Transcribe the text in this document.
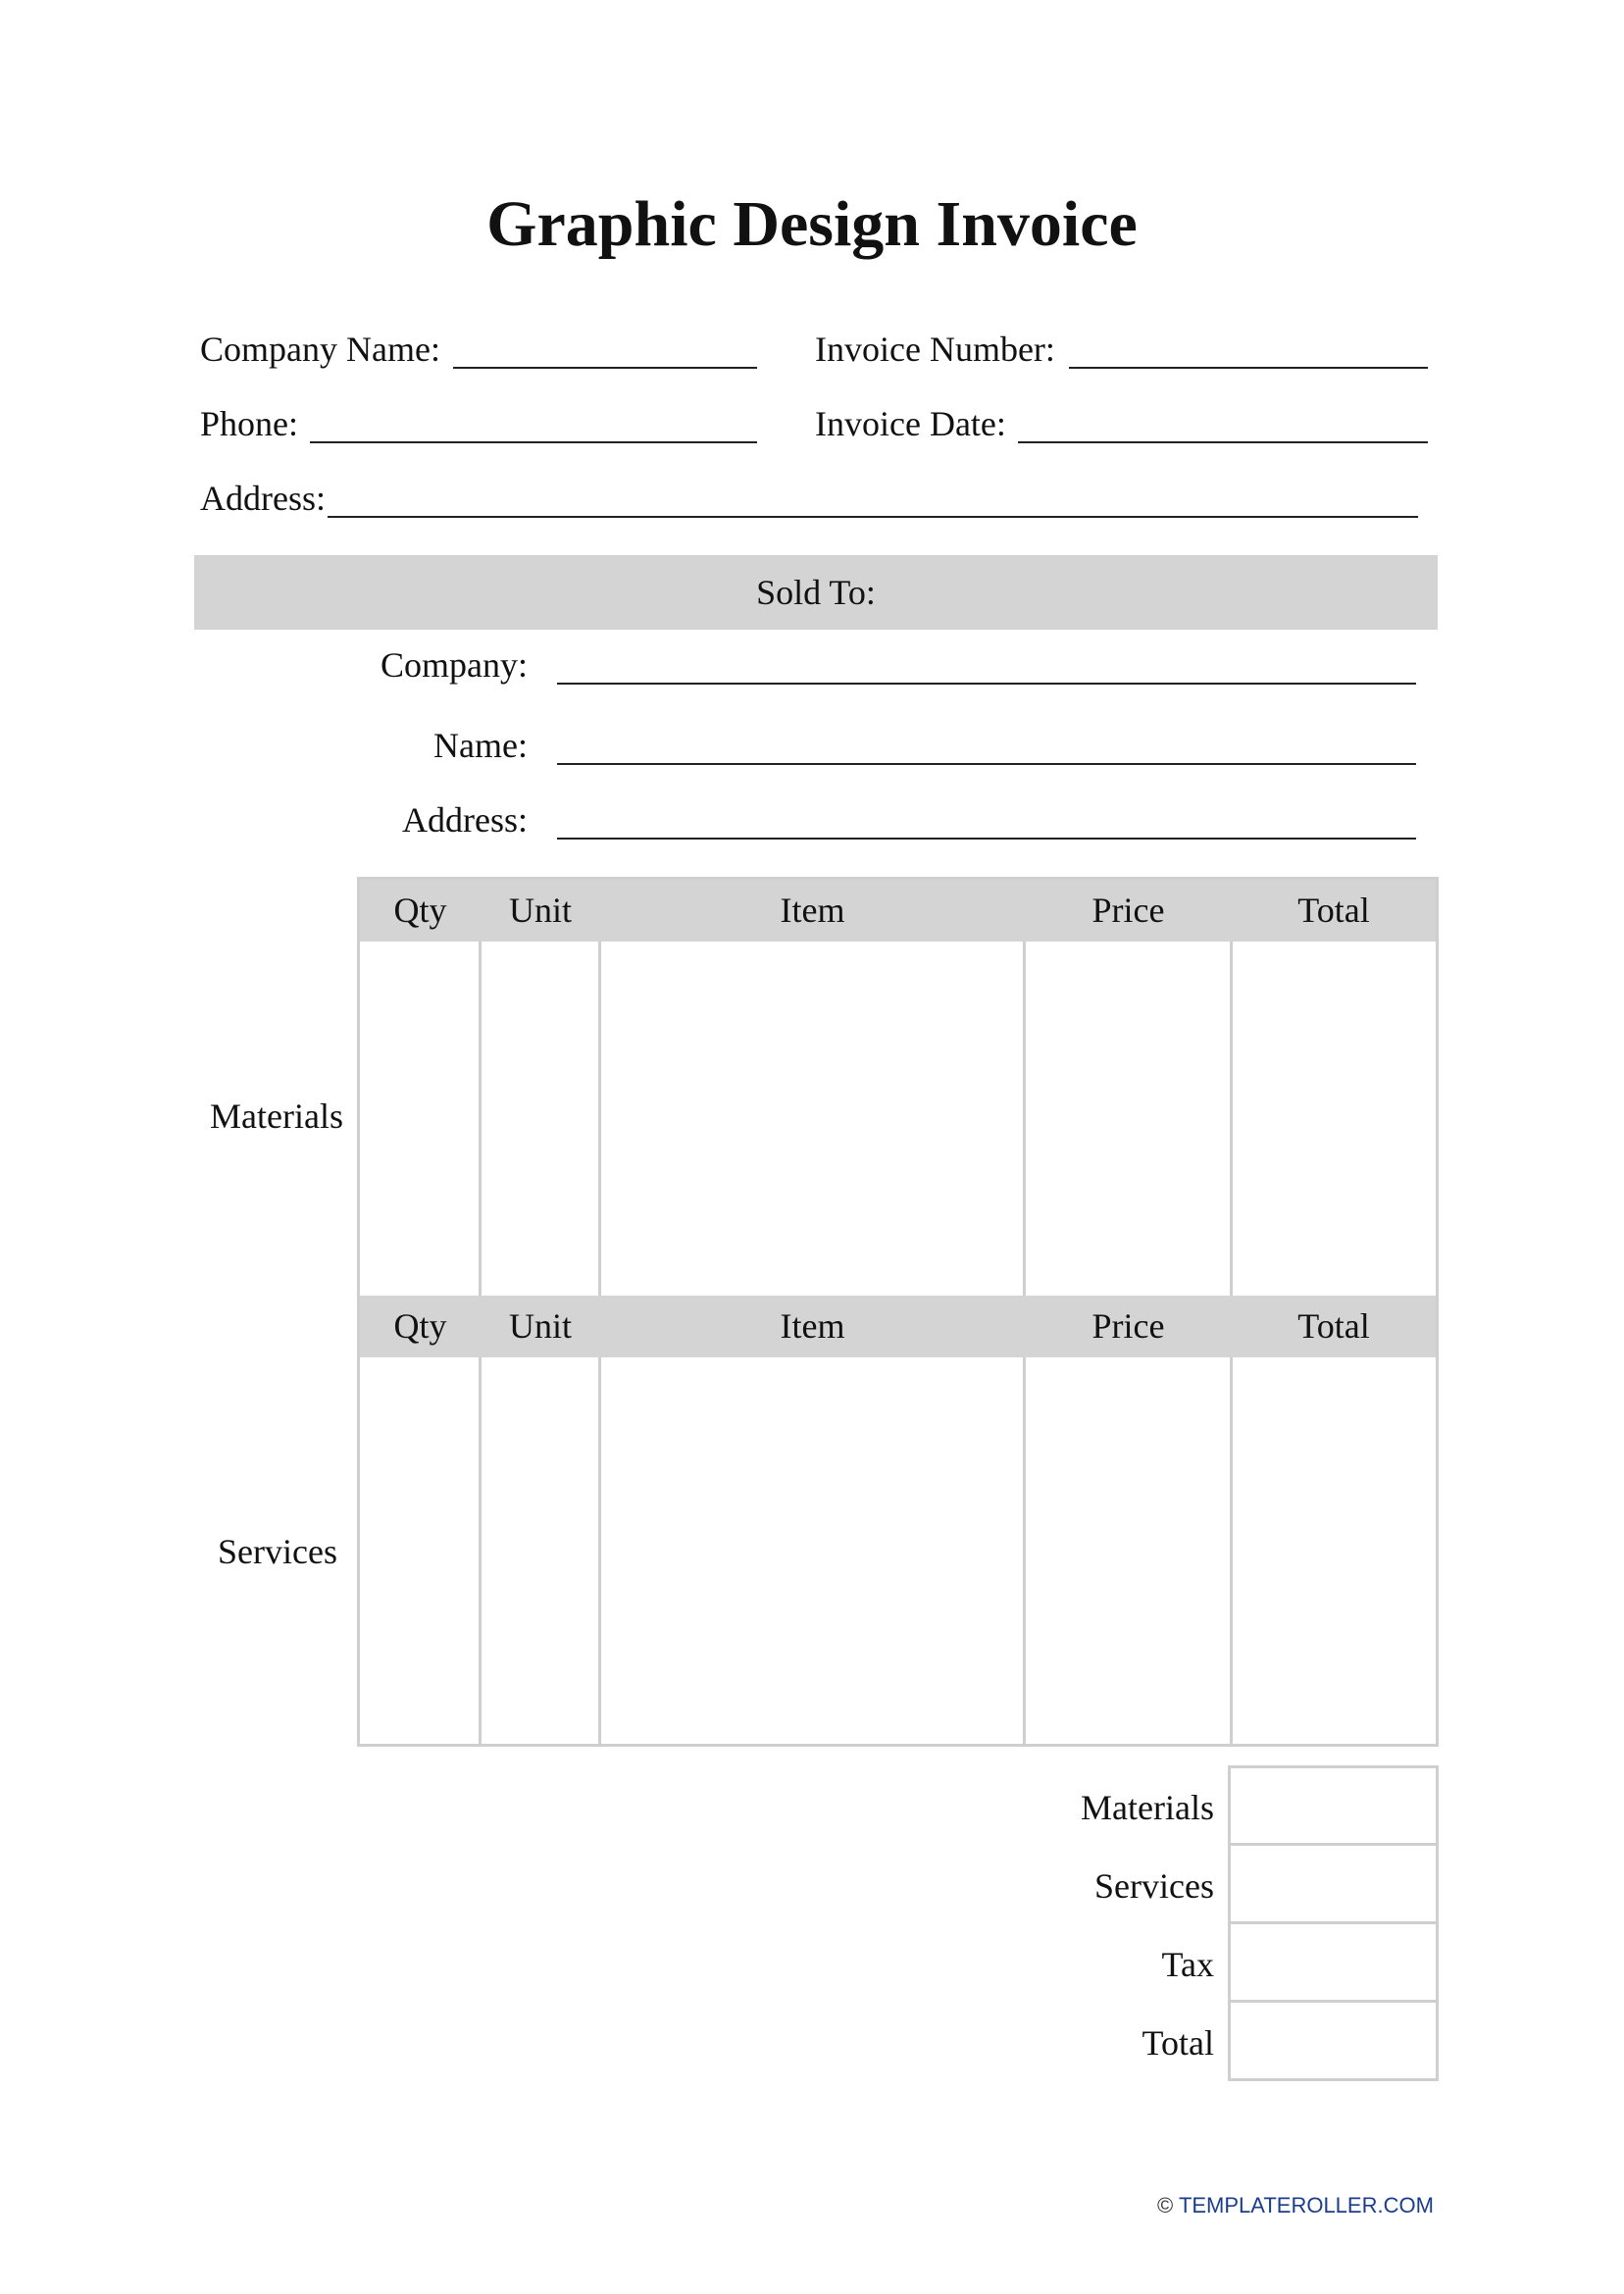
Graphic Design Invoice
Company Name:	Invoice Number:
Phone:	Invoice Date:
Address:
Sold To:
Company:
Name:
Address:
Materials
Qty	Unit	Item	Price	Total
Services
Qty	Unit	Item	Price	Total
Materials
Services
Tax
Total
© TEMPLATEROLLER.COM
